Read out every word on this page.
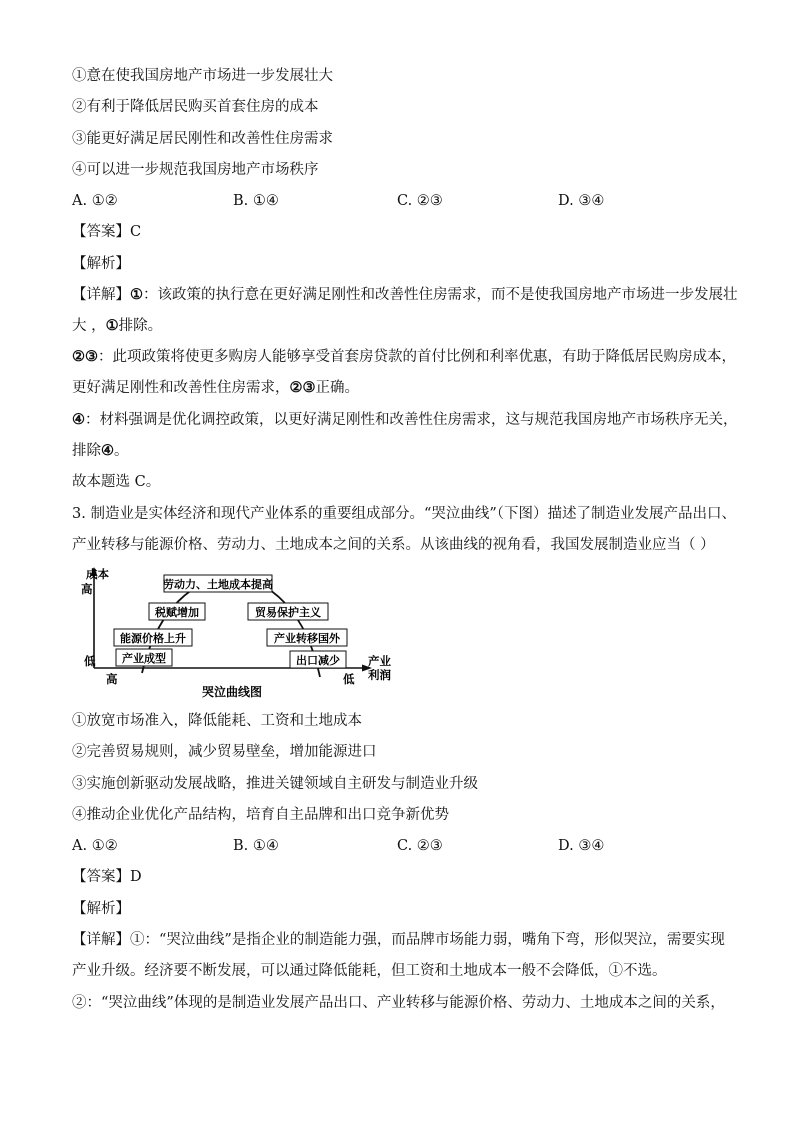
①意在使我国房地产市场进一步发展壮大
②有利于降低居民购买首套住房的成本
③能更好满足居民刚性和改善性住房需求
④可以进一步规范我国房地产市场秩序
A. ①②	B. ①④	C. ②③	D. ③④
【答案】C
【解析】
【详解】①：该政策的执行意在更好满足刚性和改善性住房需求，而不是使我国房地产市场进一步发展壮
大 ，①排除。
②③：此项政策将使更多购房人能够享受首套房贷款的首付比例和利率优惠，有助于降低居民购房成本，
更好满足刚性和改善性住房需求，②③正确。
④：材料强调是优化调控政策，以更好满足刚性和改善性住房需求，这与规范我国房地产市场秩序无关，
排除④。
故本题选 C。
3. 制造业是实体经济和现代产业体系的重要组成部分。“哭泣曲线”（下图）描述了制造业发展产品出口、
产业转移与能源价格、劳动力、土地成本之间的关系。从该曲线的视角看，我国发展制造业应当（ ）
成本
高
低
高	低
产业
利润
劳动力、土地成本提高
税赋增加	贸易保护主义
能源价格上升	产业转移国外
产业成型	出口减少
哭泣曲线图
①放宽市场准入，降低能耗、工资和土地成本
②完善贸易规则，减少贸易壁垒，增加能源进口
③实施创新驱动发展战略，推进关键领域自主研发与制造业升级
④推动企业优化产品结构，培育自主品牌和出口竞争新优势
A. ①②	B. ①④	C. ②③	D. ③④
【答案】D
【解析】
【详解】①：“哭泣曲线”是指企业的制造能力强，而品牌市场能力弱，嘴角下弯，形似哭泣，需要实现
产业升级。经济要不断发展，可以通过降低能耗，但工资和土地成本一般不会降低，①不选。
②：“哭泣曲线”体现的是制造业发展产品出口、产业转移与能源价格、劳动力、土地成本之间的关系，
